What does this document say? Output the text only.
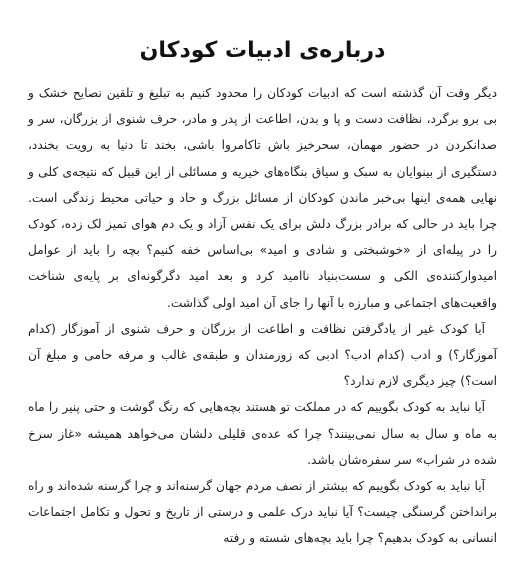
درباره‌ی ادبیات کودکان

دیگر وقت آن گذشته است که ادبیات کودکان را محدود کنیم به تبلیغ و تلقین نصایح خشک و بی برو برگرد، نظافت دست و پا و بدن، اطاعت از پدر و مادر، حرف شنوی از بزرگان، سر و صدانکردن در حضور مهمان، سحرخیز باش تاکامروا باشی، بخند تا دنیا به رویت بخندد، دستگیری از بینوایان به سبک و سیاق بنگاه‌های خیریه و مسائلی از این قبیل که نتیجه‌ی کلی و نهایی همه‌ی اینها بی‌خبر ماندن کودکان از مسائل بزرگ و حاد و حیاتی محیط زندگی است. چرا باید در حالی که برادر بزرگ دلش برای یک نفس آزاد و یک دم هوای تمیز لک زده، کودک را در پیله‌ای از «خوشبختی و شادی و امید» بی‌اساس خفه کنیم؟ بچه را باید از عوامل امیدوارکننده‌ی الکی و سست‌بنیاد ناامید کرد و بعد امید دگرگونه‌ای بر پایه‌ی شناخت واقعیت‌های اجتماعی و مبارزه با آنها را جای آن امید اولی گذاشت.

آیا کودک غیر از یادگرفتن نظافت و اطاعت از بزرگان و حرف شنوی از آموزگار (کدام آموزگار؟) و ادب (کدام ادب؟ ادبی که زورمندان و طبقه‌ی غالب و مرفه حامی و مبلغ آن است؟) چیز دیگری لازم ندارد؟

آیا نباید به کودک بگوییم که در مملکت تو هستند بچه‌هایی که رنگ گوشت و حتی پنیر را ماه به ماه و سال به سال نمی‌بینند؟ چرا که عده‌ی قلیلی دلشان می‌خواهد همیشه «غاز سرخ شده در شراب» سر سفره‌شان باشد.

آیا نباید به کودک بگوییم که بیشتر از نصف مردم جهان گرسنه‌اند و چرا گرسنه شده‌اند و راه برانداختن گرسنگی چیست؟ آیا نباید درک علمی و درستی از تاریخ و تحول و تکامل اجتماعات انسانی به کودک بدهیم؟ چرا باید بچه‌های شسته و رفته
